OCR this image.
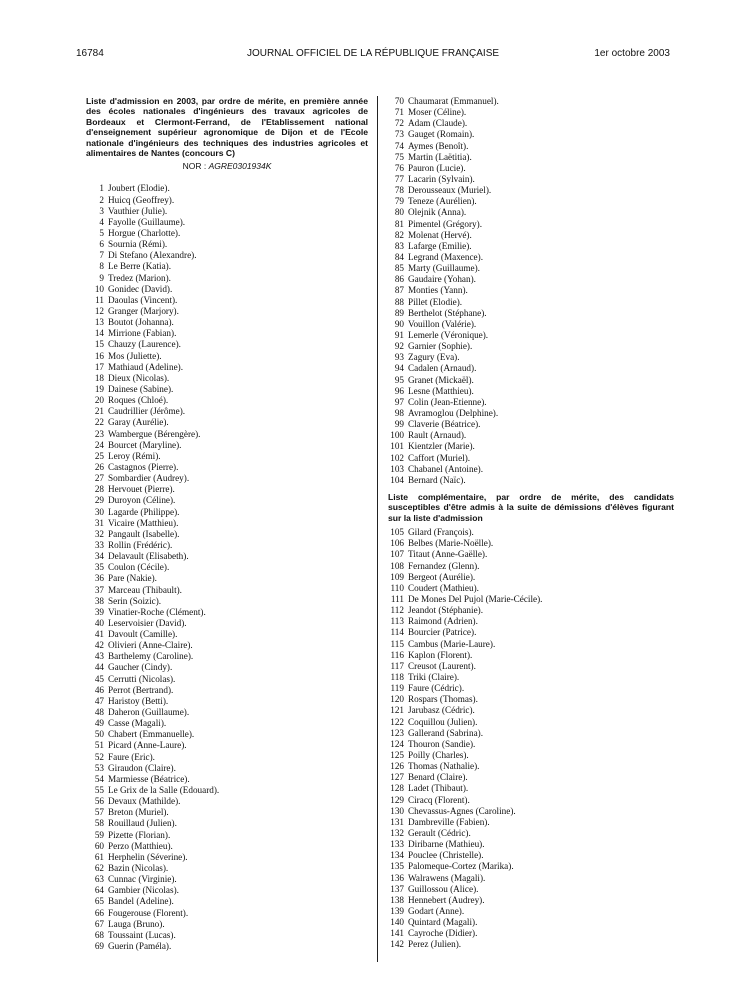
16784	JOURNAL OFFICIEL DE LA RÉPUBLIQUE FRANÇAISE	1er octobre 2003

Liste d'admission en 2003, par ordre de mérite, en première année des écoles nationales d'ingénieurs des travaux agricoles de Bordeaux et Clermont-Ferrand, de l'Etablissement national d'enseignement supérieur agronomique de Dijon et de l'Ecole nationale d'ingénieurs des techniques des industries agricoles et alimentaires de Nantes (concours C)

NOR : AGRE0301934K
1 Joubert (Elodie).
2 Huicq (Geoffrey).
3 Vauthier (Julie).
4 Fayolle (Guillaume).
5 Horgue (Charlotte).
6 Sournia (Rémi).
7 Di Stefano (Alexandre).
8 Le Berre (Katia).
9 Tredez (Marion).
10 Gonidec (David).
11 Daoulas (Vincent).
12 Granger (Marjory).
13 Boutot (Johanna).
14 Mirrione (Fabian).
15 Chauzy (Laurence).
16 Mos (Juliette).
17 Mathiaud (Adeline).
18 Dieux (Nicolas).
19 Dainese (Sabine).
20 Roques (Chloé).
21 Caudrillier (Jérôme).
22 Garay (Aurélie).
23 Wambergue (Bérengère).
24 Bourcet (Maryline).
25 Leroy (Rémi).
26 Castagnos (Pierre).
27 Sombardier (Audrey).
28 Hervouet (Pierre).
29 Duroyon (Céline).
30 Lagarde (Philippe).
31 Vicaire (Matthieu).
32 Pangault (Isabelle).
33 Rollin (Frédéric).
34 Delavault (Elisabeth).
35 Coulon (Cécile).
36 Pare (Nakie).
37 Marceau (Thibault).
38 Serin (Soizic).
39 Vinatier-Roche (Clément).
40 Leservoisier (David).
41 Davoult (Camille).
42 Olivieri (Anne-Claire).
43 Barthelemy (Caroline).
44 Gaucher (Cindy).
45 Cerrutti (Nicolas).
46 Perrot (Bertrand).
47 Haristoy (Betti).
48 Daheron (Guillaume).
49 Casse (Magali).
50 Chabert (Emmanuelle).
51 Picard (Anne-Laure).
52 Faure (Eric).
53 Giraudon (Claire).
54 Marmiesse (Béatrice).
55 Le Grix de la Salle (Edouard).
56 Devaux (Mathilde).
57 Breton (Muriel).
58 Rouillaud (Julien).
59 Pizette (Florian).
60 Perzo (Matthieu).
61 Herphelin (Séverine).
62 Bazin (Nicolas).
63 Cunnac (Virginie).
64 Gambier (Nicolas).
65 Bandel (Adeline).
66 Fougerouse (Florent).
67 Lauga (Bruno).
68 Toussaint (Lucas).
69 Guerin (Paméla).
70 Chaumarat (Emmanuel).
71 Moser (Céline).
72 Adam (Claude).
73 Gauget (Romain).
74 Aymes (Benoît).
75 Martin (Laëtitia).
76 Pauron (Lucie).
77 Lacarin (Sylvain).
78 Derousseaux (Muriel).
79 Teneze (Aurélien).
80 Olejnik (Anna).
81 Pimentel (Grégory).
82 Molenat (Hervé).
83 Lafarge (Emilie).
84 Legrand (Maxence).
85 Marty (Guillaume).
86 Gaudaire (Yohan).
87 Monties (Yann).
88 Pillet (Elodie).
89 Berthelot (Stéphane).
90 Vouillon (Valérie).
91 Lemerle (Véronique).
92 Garnier (Sophie).
93 Zagury (Eva).
94 Cadalen (Arnaud).
95 Granet (Mickaël).
96 Lesne (Matthieu).
97 Colin (Jean-Etienne).
98 Avramoglou (Delphine).
99 Claverie (Béatrice).
100 Rault (Arnaud).
101 Kientzler (Marie).
102 Caffort (Muriel).
103 Chabanel (Antoine).
104 Bernard (Naïc).

Liste complémentaire, par ordre de mérite, des candidats susceptibles d'être admis à la suite de démissions d'élèves figurant sur la liste d'admission

105 Gilard (François).
106 Belbes (Marie-Noëlle).
107 Titaut (Anne-Gaëlle).
108 Fernandez (Glenn).
109 Bergeot (Aurélie).
110 Coudert (Mathieu).
111 De Mones Del Pujol (Marie-Cécile).
112 Jeandot (Stéphanie).
113 Raimond (Adrien).
114 Bourcier (Patrice).
115 Cambus (Marie-Laure).
116 Kaplon (Florent).
117 Creusot (Laurent).
118 Triki (Claire).
119 Faure (Cédric).
120 Rospars (Thomas).
121 Jarubasz (Cédric).
122 Coquillou (Julien).
123 Gallerand (Sabrina).
124 Thouron (Sandie).
125 Poilly (Charles).
126 Thomas (Nathalie).
127 Benard (Claire).
128 Ladet (Thibaut).
129 Ciracq (Florent).
130 Chevassus-Agnes (Caroline).
131 Dambreville (Fabien).
132 Gerault (Cédric).
133 Diribarne (Mathieu).
134 Pouclee (Christelle).
135 Palomeque-Cortez (Marika).
136 Walrawens (Magali).
137 Guillossou (Alice).
138 Hennebert (Audrey).
139 Godart (Anne).
140 Quintard (Magali).
141 Cayroche (Didier).
142 Perez (Julien).
